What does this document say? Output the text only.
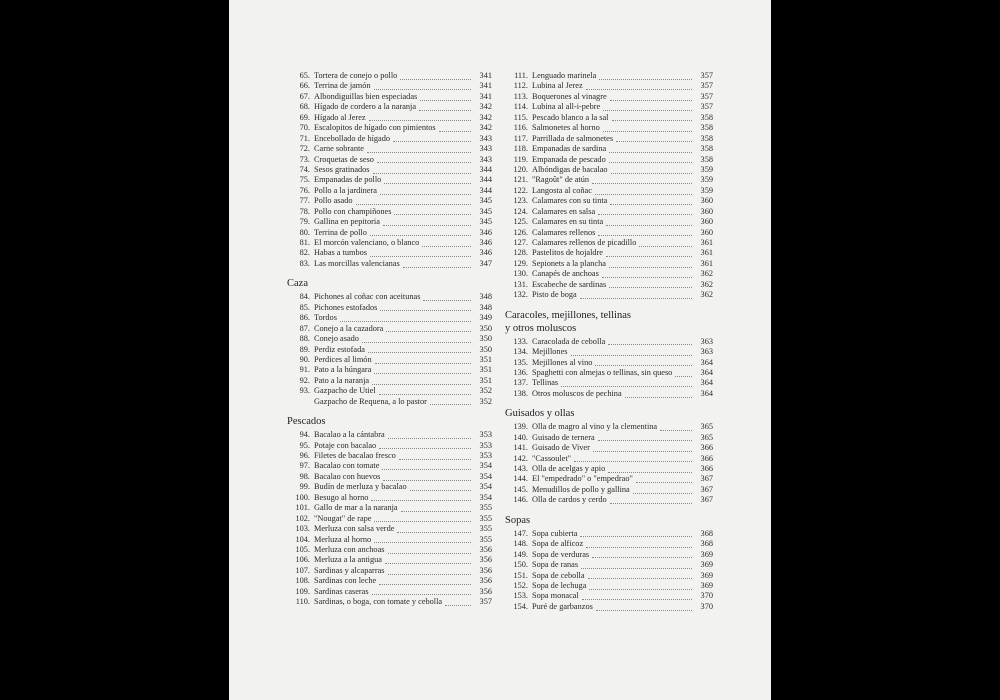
65. Tortera de conejo o pollo	341
66. Terrina de jamón	341
67. Albondiguillas bien especiadas	341
68. Hígado de cordero a la naranja	342
69. Hígado al Jerez	342
70. Escalopitos de hígado con pimientos	342
71. Encebollado de hígado	343
72. Carne sobrante	343
73. Croquetas de seso	343
74. Sesos gratinados	344
75. Empanadas de pollo	344
76. Pollo a la jardinera	344
77. Pollo asado	345
78. Pollo con champiñones	345
79. Gallina en pepitoria	345
80. Terrina de pollo	346
81. El morcón valenciano, o blanco	346
82. Habas a tumbos	346
83. Las morcillas valencianas	347
Caza
84. Pichones al coñac con aceitunas	348
85. Pichones estofados	348
86. Tordos	349
87. Conejo a la cazadora	350
88. Conejo asado	350
89. Perdiz estofada	350
90. Perdices al limón	351
91. Pato a la húngara	351
92. Pato a la naranja	351
93. Gazpacho de Utiel	352
Gazpacho de Requena, a lo pastor	352
Pescados
94. Bacalao a la cántabra	353
95. Potaje con bacalao	353
96. Filetes de bacalao fresco	353
97. Bacalao con tomate	354
98. Bacalao con huevos	354
99. Budín de merluza y bacalao	354
100. Besugo al horno	354
101. Gallo de mar a la naranja	355
102. "Nougat" de rape	355
103. Merluza con salsa verde	355
104. Merluza al horno	355
105. Merluza con anchoas	356
106. Merluza a la antigua	356
107. Sardinas y alcaparras	356
108. Sardinas con leche	356
109. Sardinas caseras	356
110. Sardinas, o boga, con tomate y cebolla	357
111. Lenguado marinela	357
112. Lubina al Jerez	357
113. Boquerones al vinagre	357
114. Lubina al all-i-pebre	357
115. Pescado blanco a la sal	358
116. Salmonetes al horno	358
117. Parrillada de salmonetes	358
118. Empanadas de sardina	358
119. Empanada de pescado	358
120. Albóndigas de bacalao	359
121. "Ragoût" de atún	359
122. Langosta al coñac	359
123. Calamares con su tinta	360
124. Calamares en salsa	360
125. Calamares en su tinta	360
126. Calamares rellenos	360
127. Calamares rellenos de picadillo	361
128. Pastelitos de hojaldre	361
129. Sepionets a la plancha	361
130. Canapés de anchoas	362
131. Escabeche de sardinas	362
132. Pisto de boga	362
Caracoles, mejillones, tellinas
y otros moluscos
133. Caracolada de cebolla	363
134. Mejillones	363
135. Mejillones al vino	364
136. Spaghetti con almejas o tellinas, sin queso	364
137. Tellinas	364
138. Otros moluscos de pechina	364
Guisados y ollas
139. Olla de magro al vino y la clementina	365
140. Guisado de ternera	365
141. Guisado de Viver	366
142. "Cassoulet"	366
143. Olla de acelgas y apio	366
144. El "empedrado" o "empedrao"	367
145. Menudillos de pollo y gallina	367
146. Olla de cardos y cerdo	367
Sopas
147. Sopa cubierta	368
148. Sopa de alficoz	368
149. Sopa de verduras	369
150. Sopa de ranas	369
151. Sopa de cebolla	369
152. Sopa de lechuga	369
153. Sopa monacal	370
154. Puré de garbanzos	370
